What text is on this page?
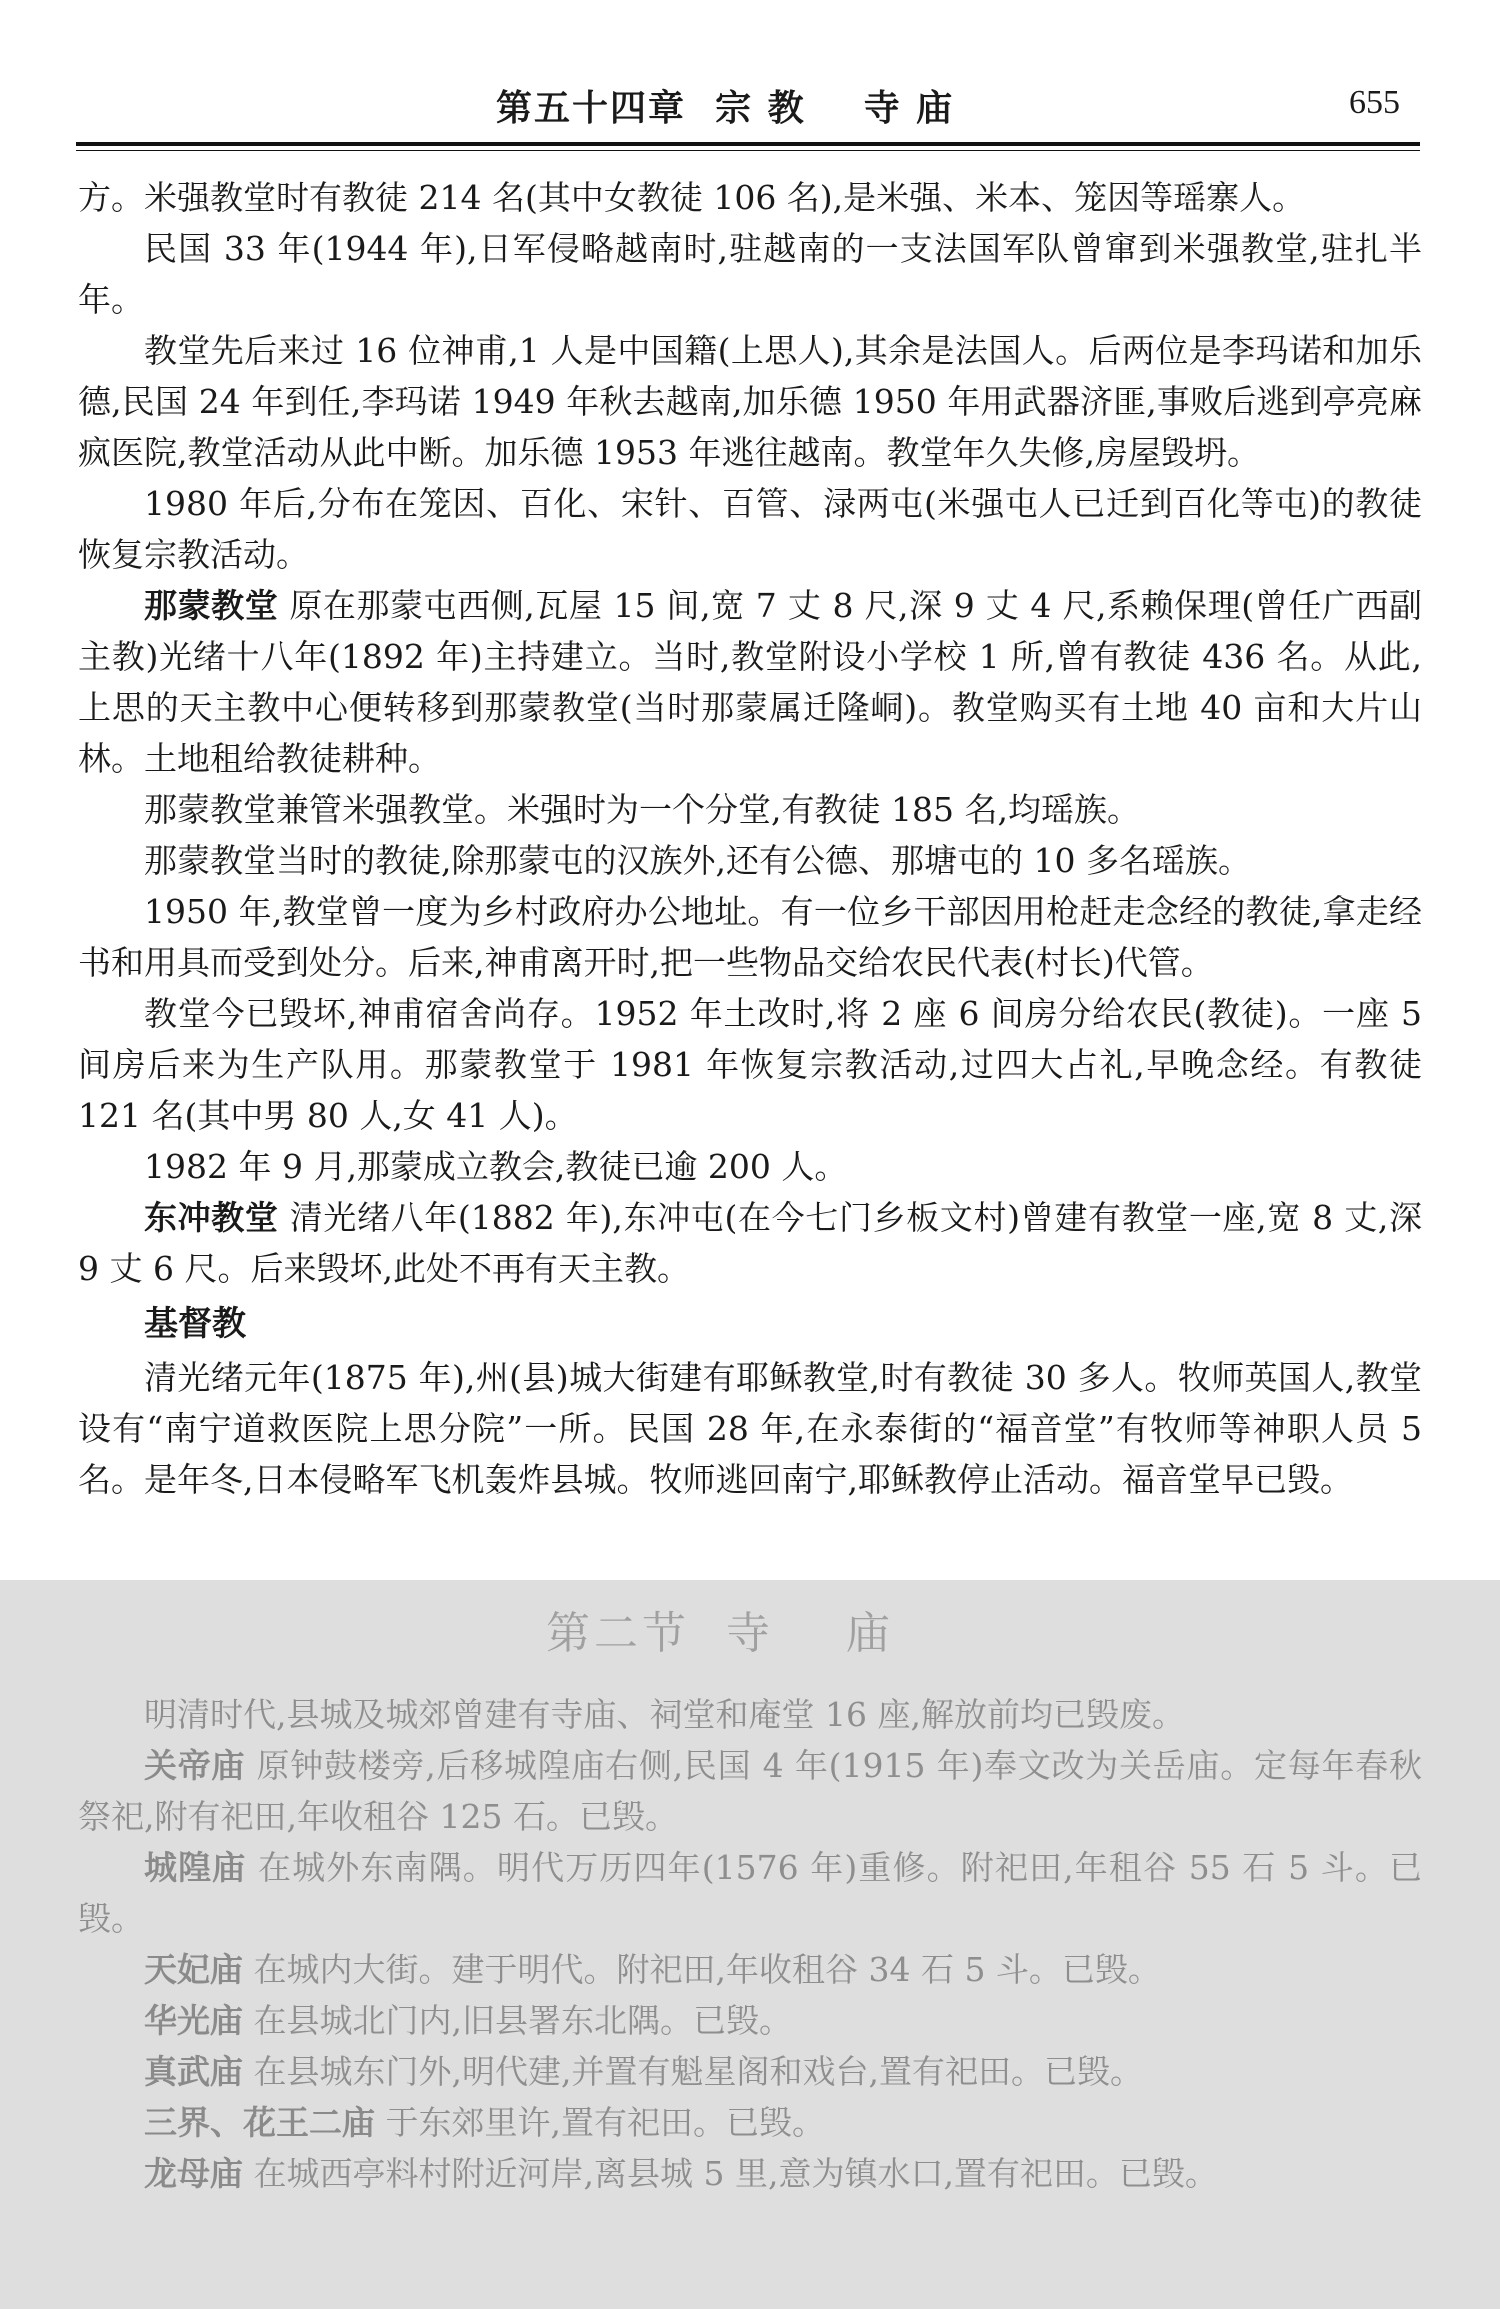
第五十四章  宗 教    寺 庙	655

方。米强教堂时有教徒 214 名(其中女教徒 106 名),是米强、米本、笼因等瑶寨人。

民国 33 年(1944 年),日军侵略越南时,驻越南的一支法国军队曾窜到米强教堂,驻扎半年。

教堂先后来过 16 位神甫,1 人是中国籍(上思人),其余是法国人。后两位是李玛诺和加乐德,民国 24 年到任,李玛诺 1949 年秋去越南,加乐德 1950 年用武器济匪,事败后逃到亭亮麻疯医院,教堂活动从此中断。加乐德 1953 年逃往越南。教堂年久失修,房屋毁坍。

1980 年后,分布在笼因、百化、宋针、百管、渌两屯(米强屯人已迁到百化等屯)的教徒恢复宗教活动。

那蒙教堂 原在那蒙屯西侧,瓦屋 15 间,宽 7 丈 8 尺,深 9 丈 4 尺,系赖保理(曾任广西副主教)光绪十八年(1892 年)主持建立。当时,教堂附设小学校 1 所,曾有教徒 436 名。从此,上思的天主教中心便转移到那蒙教堂(当时那蒙属迁隆峒)。教堂购买有土地 40 亩和大片山林。土地租给教徒耕种。

那蒙教堂兼管米强教堂。米强时为一个分堂,有教徒 185 名,均瑶族。

那蒙教堂当时的教徒,除那蒙屯的汉族外,还有公德、那塘屯的 10 多名瑶族。

1950 年,教堂曾一度为乡村政府办公地址。有一位乡干部因用枪赶走念经的教徒,拿走经书和用具而受到处分。后来,神甫离开时,把一些物品交给农民代表(村长)代管。

教堂今已毁坏,神甫宿舍尚存。1952 年土改时,将 2 座 6 间房分给农民(教徒)。一座 5 间房后来为生产队用。那蒙教堂于 1981 年恢复宗教活动,过四大占礼,早晚念经。有教徒 121 名(其中男 80 人,女 41 人)。

1982 年 9 月,那蒙成立教会,教徒已逾 200 人。

东冲教堂 清光绪八年(1882 年),东冲屯(在今七门乡板文村)曾建有教堂一座,宽 8 丈,深 9 丈 6 尺。后来毁坏,此处不再有天主教。

基督教

清光绪元年(1875 年),州(县)城大街建有耶稣教堂,时有教徒 30 多人。牧师英国人,教堂设有“南宁道救医院上思分院”一所。民国 28 年,在永泰街的“福音堂”有牧师等神职人员 5 名。是年冬,日本侵略军飞机轰炸县城。牧师逃回南宁,耶稣教停止活动。福音堂早已毁。

第二节  寺    庙

明清时代,县城及城郊曾建有寺庙、祠堂和庵堂 16 座,解放前均已毁废。

关帝庙 原钟鼓楼旁,后移城隍庙右侧,民国 4 年(1915 年)奉文改为关岳庙。定每年春秋祭祀,附有祀田,年收租谷 125 石。已毁。

城隍庙 在城外东南隅。明代万历四年(1576 年)重修。附祀田,年租谷 55 石 5 斗。已毁。

天妃庙 在城内大街。建于明代。附祀田,年收租谷 34 石 5 斗。已毁。

华光庙 在县城北门内,旧县署东北隅。已毁。

真武庙 在县城东门外,明代建,并置有魁星阁和戏台,置有祀田。已毁。

三界、花王二庙 于东郊里许,置有祀田。已毁。

龙母庙 在城西亭料村附近河岸,离县城 5 里,意为镇水口,置有祀田。已毁。
